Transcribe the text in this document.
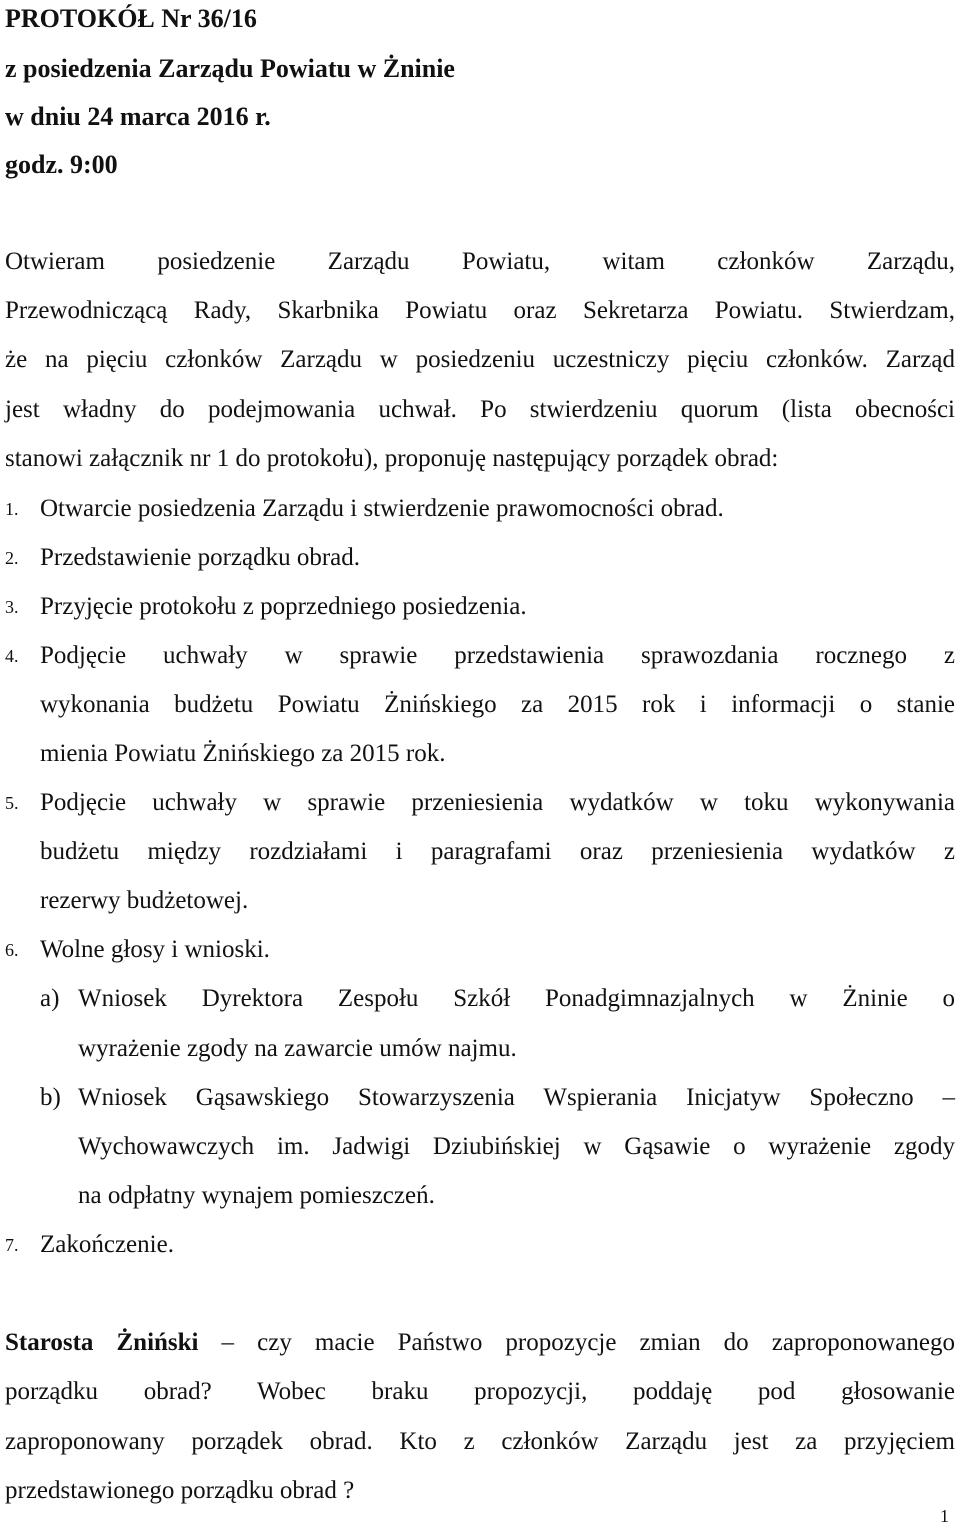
PROTOKÓŁ Nr 36/16
z posiedzenia Zarządu Powiatu w Żninie
w dniu 24 marca 2016 r.
godz. 9:00
Otwieram posiedzenie Zarządu Powiatu, witam członków Zarządu,
Przewodniczącą Rady, Skarbnika Powiatu oraz Sekretarza Powiatu. Stwierdzam,
że na pięciu członków Zarządu w posiedzeniu uczestniczy pięciu członków. Zarząd
jest władny do podejmowania uchwał. Po stwierdzeniu quorum (lista obecności
stanowi załącznik nr 1 do protokołu), proponuję następujący porządek obrad:
1. Otwarcie posiedzenia Zarządu i stwierdzenie prawomocności obrad.
2. Przedstawienie porządku obrad.
3. Przyjęcie protokołu z poprzedniego posiedzenia.
4. Podjęcie uchwały w sprawie przedstawienia sprawozdania rocznego z
wykonania budżetu Powiatu Żnińskiego za 2015 rok i informacji o stanie
mienia Powiatu Żnińskiego za 2015 rok.
5. Podjęcie uchwały w sprawie przeniesienia wydatków w toku wykonywania
budżetu między rozdziałami i paragrafami oraz przeniesienia wydatków z
rezerwy budżetowej.
6. Wolne głosy i wnioski.
a) Wniosek Dyrektora Zespołu Szkół Ponadgimnazjalnych w Żninie o
wyrażenie zgody na zawarcie umów najmu.
b) Wniosek Gąsawskiego Stowarzyszenia Wspierania Inicjatyw Społeczno –
Wychowawczych im. Jadwigi Dziubińskiej w Gąsawie o wyrażenie zgody
na odpłatny wynajem pomieszczeń.
7. Zakończenie.
Starosta Żniński – czy macie Państwo propozycje zmian do zaproponowanego
porządku obrad? Wobec braku propozycji, poddaję pod głosowanie
zaproponowany porządek obrad. Kto z członków Zarządu jest za przyjęciem
przedstawionego porządku obrad ?
1
